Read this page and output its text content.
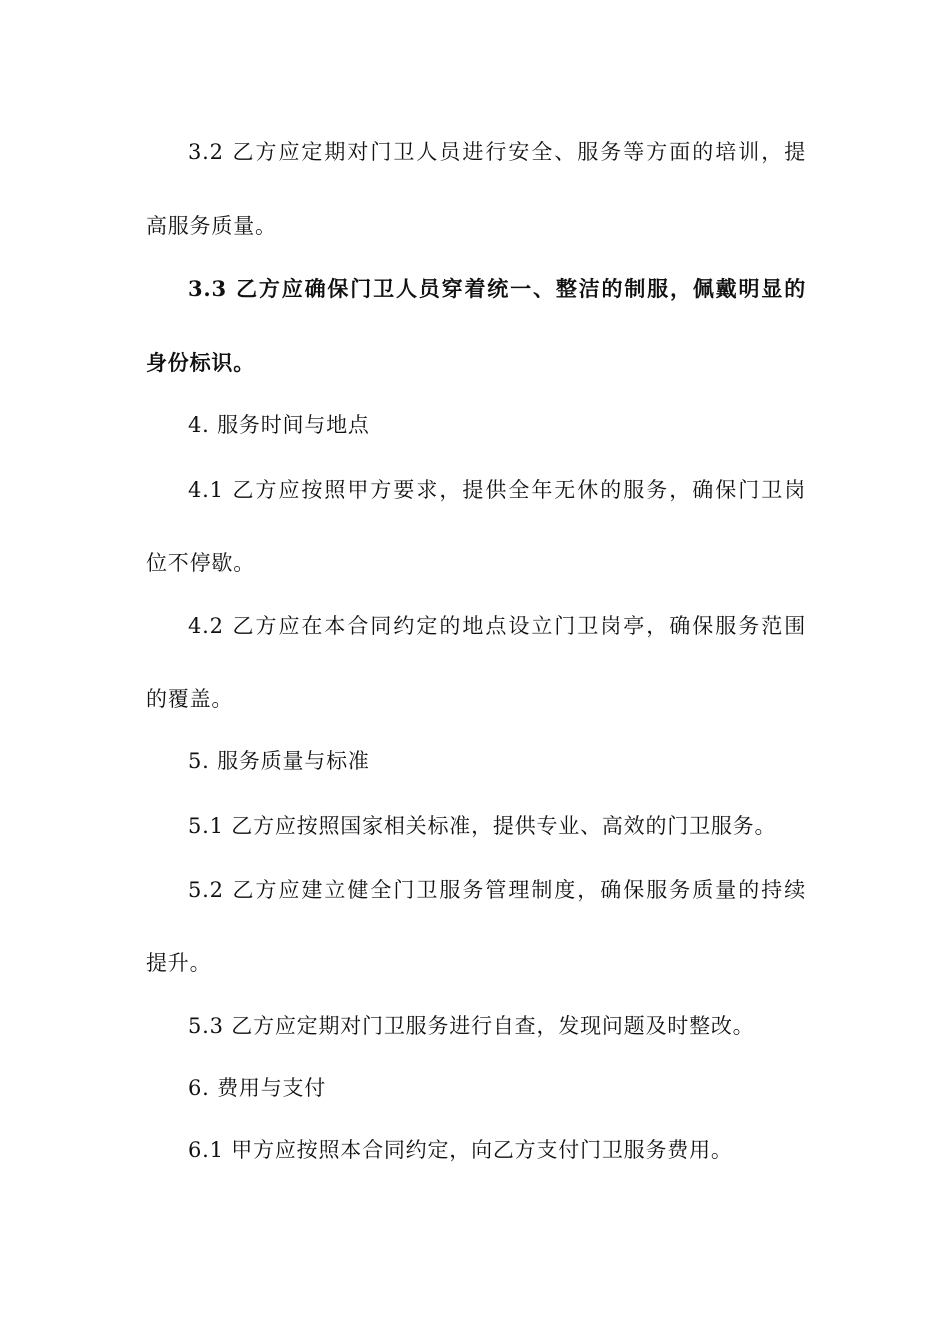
3.2 乙方应定期对门卫人员进行安全、服务等方面的培训，提
高服务质量。
3.3 乙方应确保门卫人员穿着统一、整洁的制服，佩戴明显的
身份标识。
4. 服务时间与地点
4.1 乙方应按照甲方要求，提供全年无休的服务，确保门卫岗
位不停歇。
4.2 乙方应在本合同约定的地点设立门卫岗亭，确保服务范围
的覆盖。
5. 服务质量与标准
5.1 乙方应按照国家相关标准，提供专业、高效的门卫服务。
5.2 乙方应建立健全门卫服务管理制度，确保服务质量的持续
提升。
5.3 乙方应定期对门卫服务进行自查，发现问题及时整改。
6. 费用与支付
6.1 甲方应按照本合同约定，向乙方支付门卫服务费用。
